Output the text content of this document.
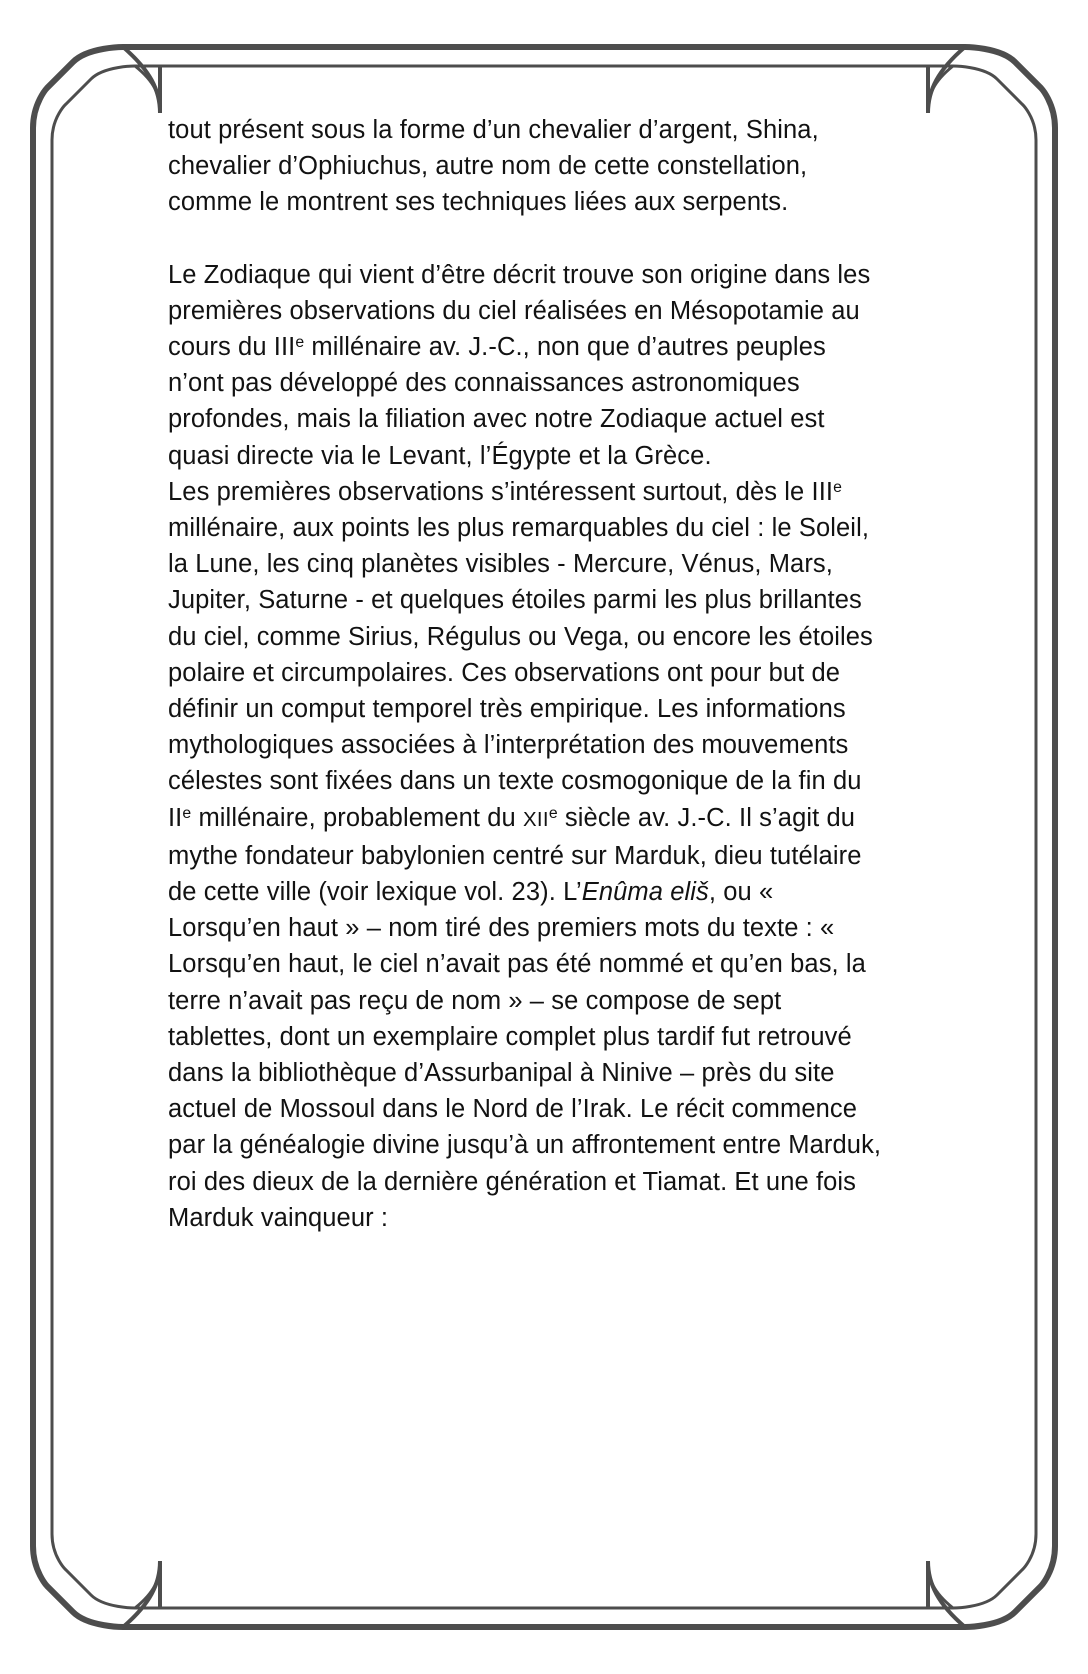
tout présent sous la forme d’un chevalier d’argent, Shina, chevalier d’Ophiuchus, autre nom de cette constellation, comme le montrent ses techniques liées aux serpents.

Le Zodiaque qui vient d’être décrit trouve son origine dans les premières observations du ciel réalisées en Mésopotamie au cours du IIIe millénaire av. J.-C., non que d’autres peuples n’ont pas développé des connaissances astronomiques profondes, mais la filiation avec notre Zodiaque actuel est quasi directe via le Levant, l’Égypte et la Grèce.

Les premières observations s’intéressent surtout, dès le IIIe millénaire, aux points les plus remarquables du ciel : le Soleil, la Lune, les cinq planètes visibles - Mercure, Vénus, Mars, Jupiter, Saturne - et quelques étoiles parmi les plus brillantes du ciel, comme Sirius, Régulus ou Vega, ou encore les étoiles polaire et circumpolaires. Ces observations ont pour but de définir un comput temporel très empirique. Les informations mythologiques associées à l’interprétation des mouvements célestes sont fixées dans un texte cosmogonique de la fin du IIe millénaire, probablement du XIIe siècle av. J.-C. Il s’agit du mythe fondateur babylonien centré sur Marduk, dieu tutélaire de cette ville (voir lexique vol. 23). L’Enûma eliš, ou « Lorsqu’en haut » – nom tiré des premiers mots du texte : « Lorsqu’en haut, le ciel n’avait pas été nommé et qu’en bas, la terre n’avait pas reçu de nom » – se compose de sept tablettes, dont un exemplaire complet plus tardif fut retrouvé dans la bibliothèque d’Assurbanipal à Ninive – près du site actuel de Mossoul dans le Nord de l’Irak. Le récit commence par la généalogie divine jusqu’à un affrontement entre Marduk, roi des dieux de la dernière génération et Tiamat. Et une fois Marduk vainqueur :
